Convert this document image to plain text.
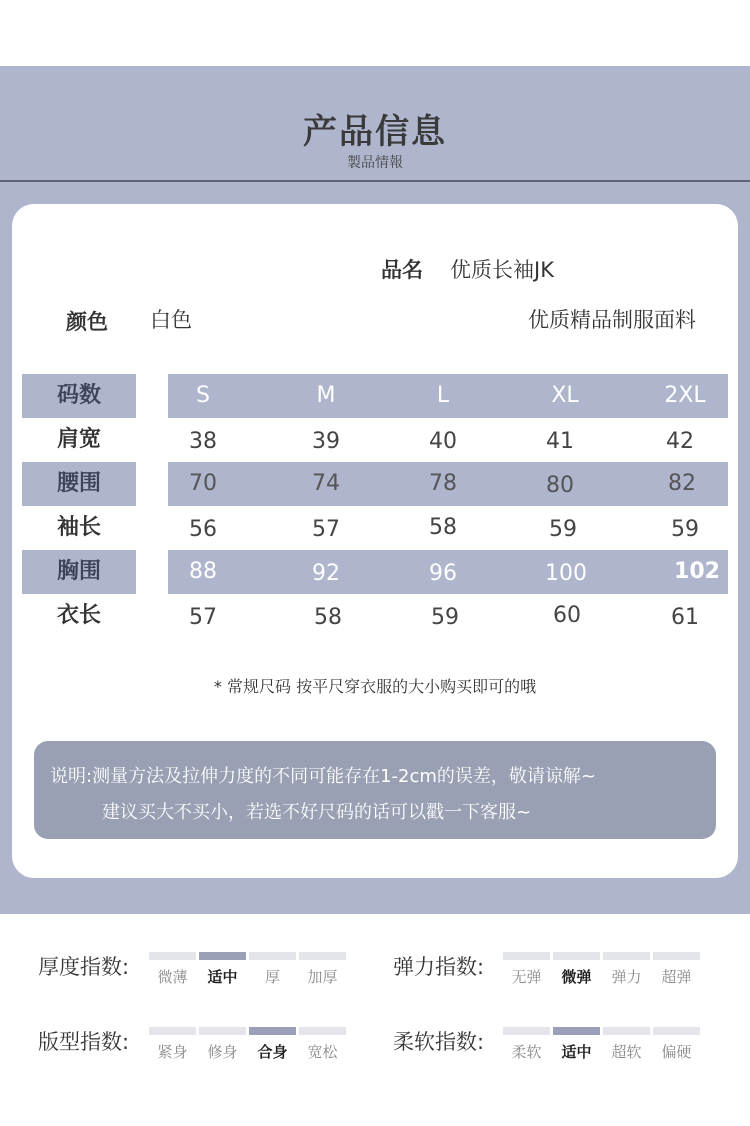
产品信息
製品情報
品名 优质长袖JK
颜色 白色	优质精品制服面料
码数	S	M	L	XL	2XL
肩宽	38	39	40	41	42
腰围	70	74	78	80	82
袖长	56	57	58	59	59
胸围	88	92	96	100	102
衣长	57	58	59	60	61
* 常规尺码 按平尺穿衣服的大小购买即可的哦
说明:测量方法及拉伸力度的不同可能存在1-2cm的误差，敬请谅解~
建议买大不买小，若选不好尺码的话可以戳一下客服~
厚度指数:	微薄	适中	厚	加厚	弹力指数:	无弹	微弹	弹力	超弹
版型指数:	紧身	修身	合身	宽松	柔软指数:	柔软	适中	超软	偏硬
